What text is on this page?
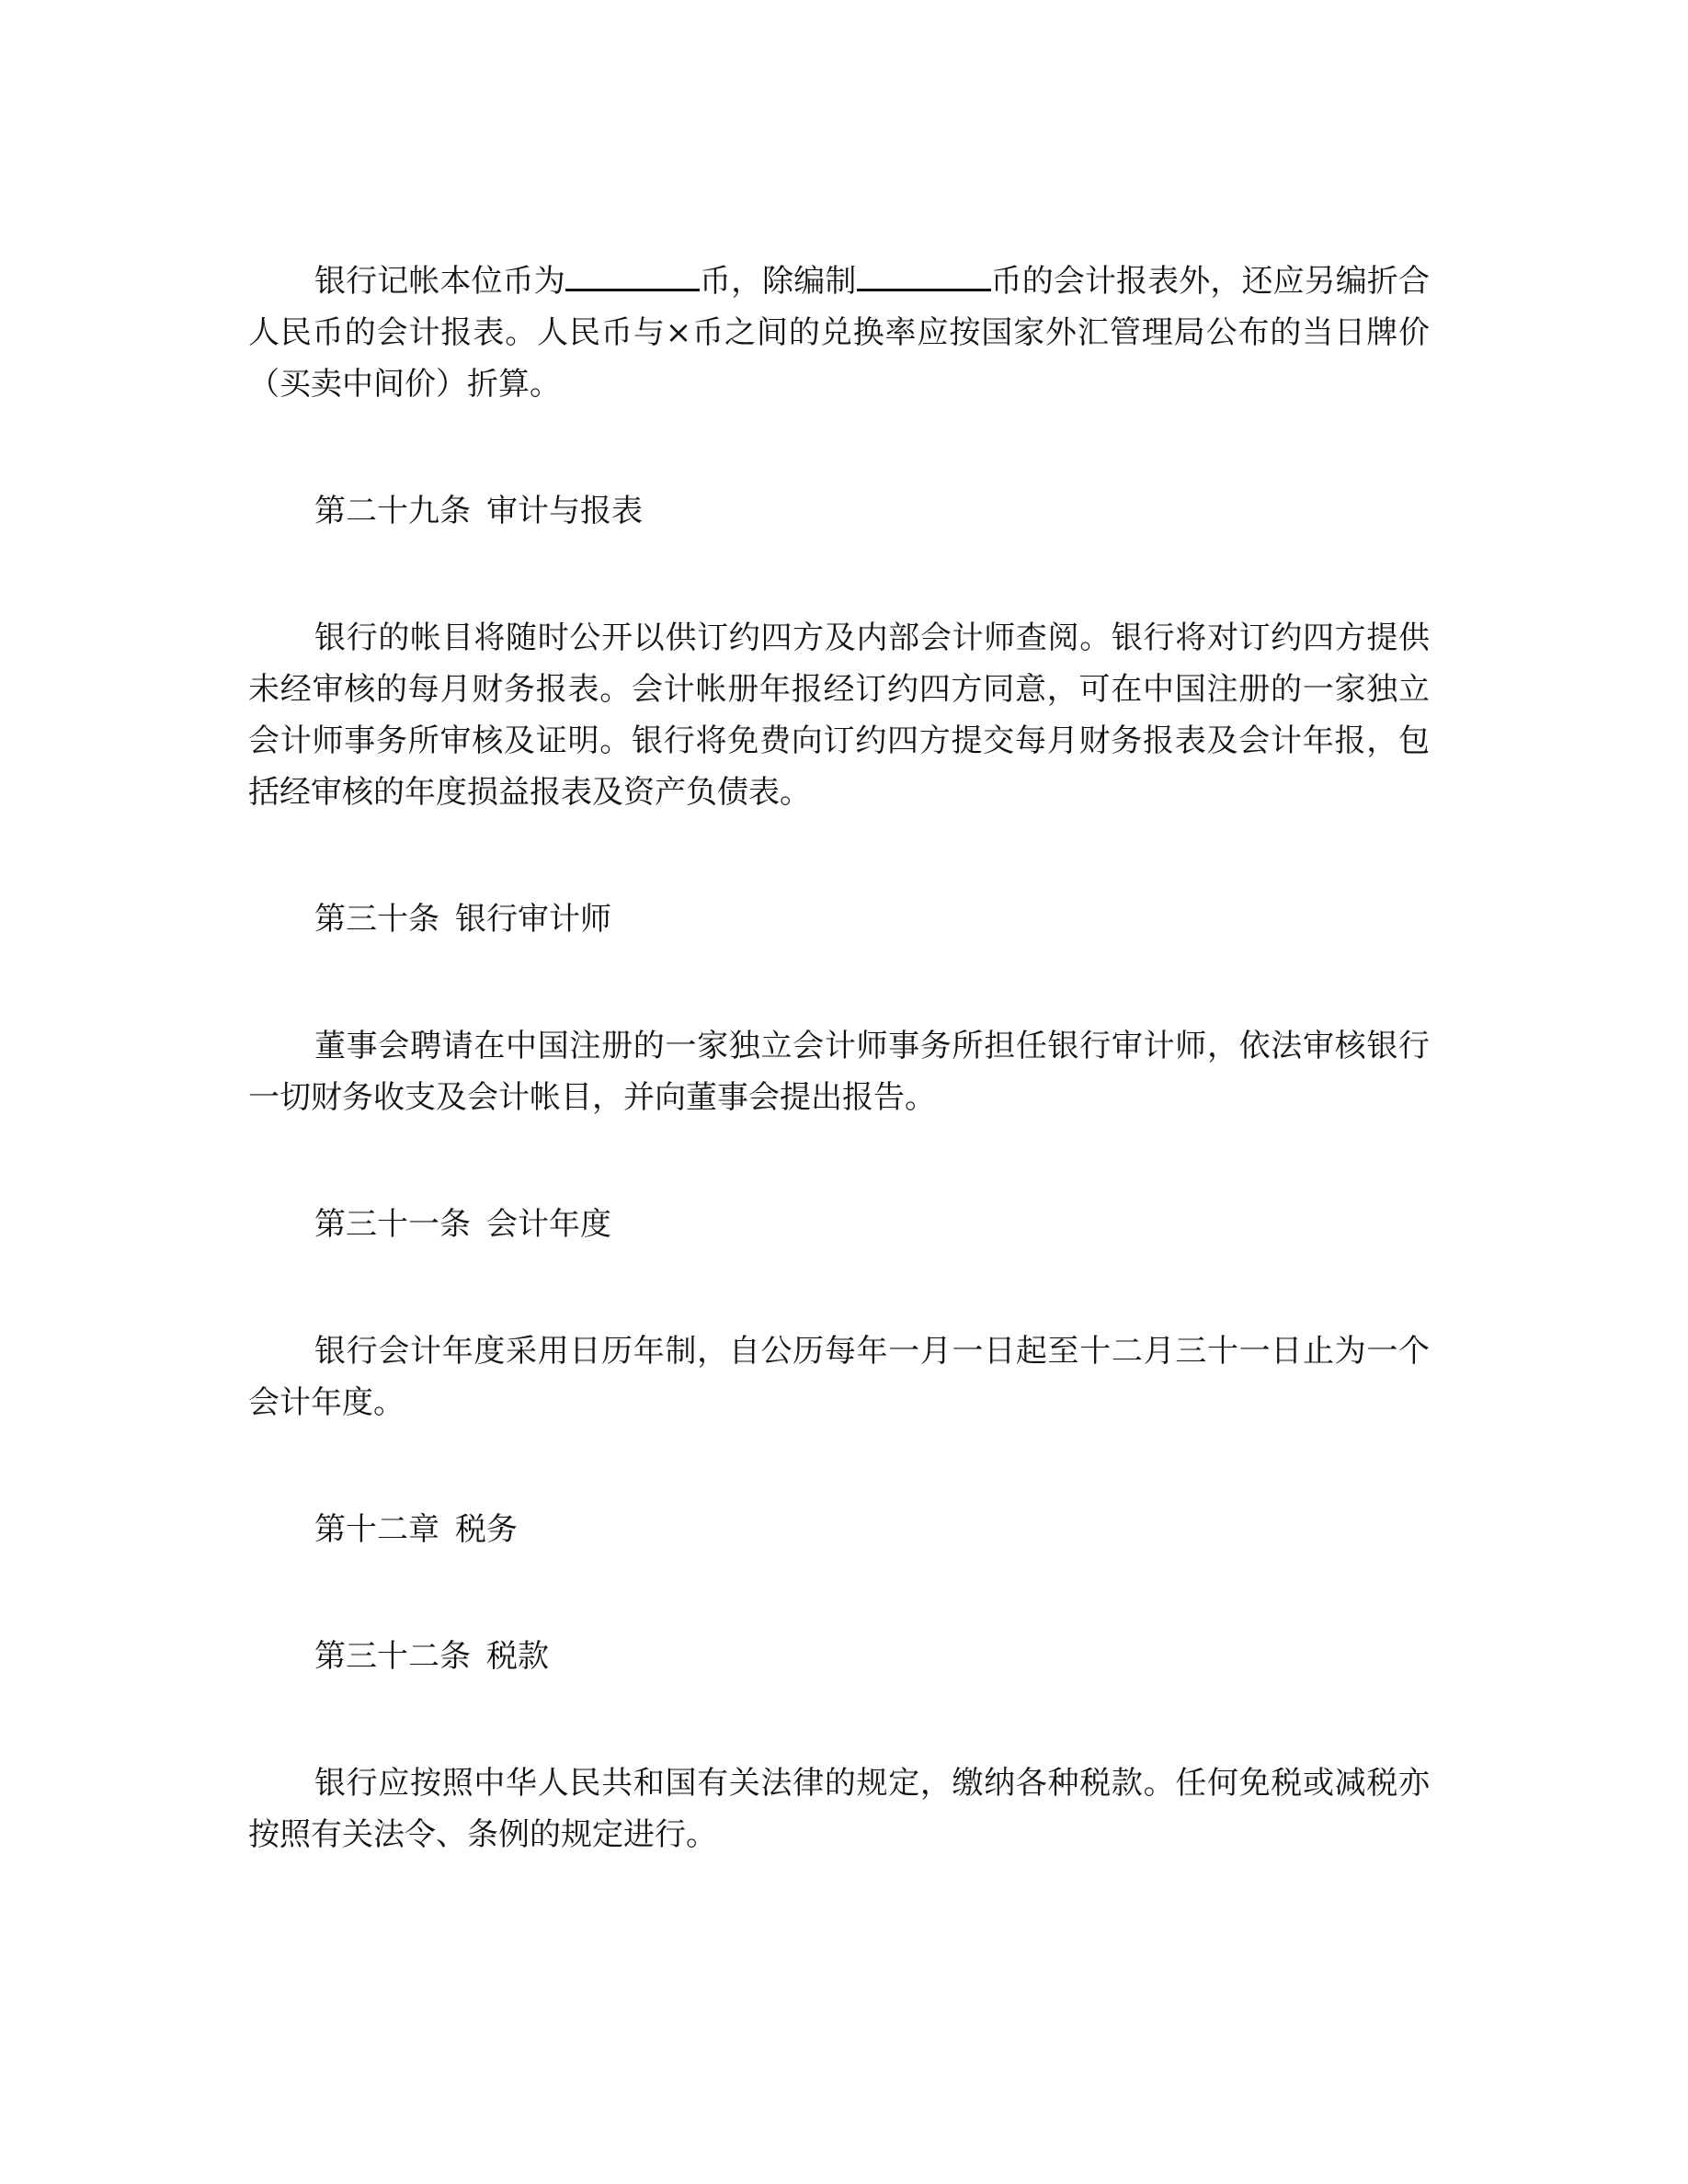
银行记帐本位币为	币，除编制	币的会计报表外，还应另编折合人民币的会计报表。人民币与×币之间的兑换率应按国家外汇管理局公布的当日牌价（买卖中间价）折算。

第二十九条 审计与报表

银行的帐目将随时公开以供订约四方及内部会计师查阅。银行将对订约四方提供未经审核的每月财务报表。会计帐册年报经订约四方同意，可在中国注册的一家独立会计师事务所审核及证明。银行将免费向订约四方提交每月财务报表及会计年报，包括经审核的年度损益报表及资产负债表。

第三十条 银行审计师

董事会聘请在中国注册的一家独立会计师事务所担任银行审计师，依法审核银行一切财务收支及会计帐目，并向董事会提出报告。

第三十一条 会计年度

银行会计年度采用日历年制，自公历每年一月一日起至十二月三十一日止为一个会计年度。

第十二章 税务

第三十二条 税款

银行应按照中华人民共和国有关法律的规定，缴纳各种税款。任何免税或减税亦按照有关法令、条例的规定进行。
